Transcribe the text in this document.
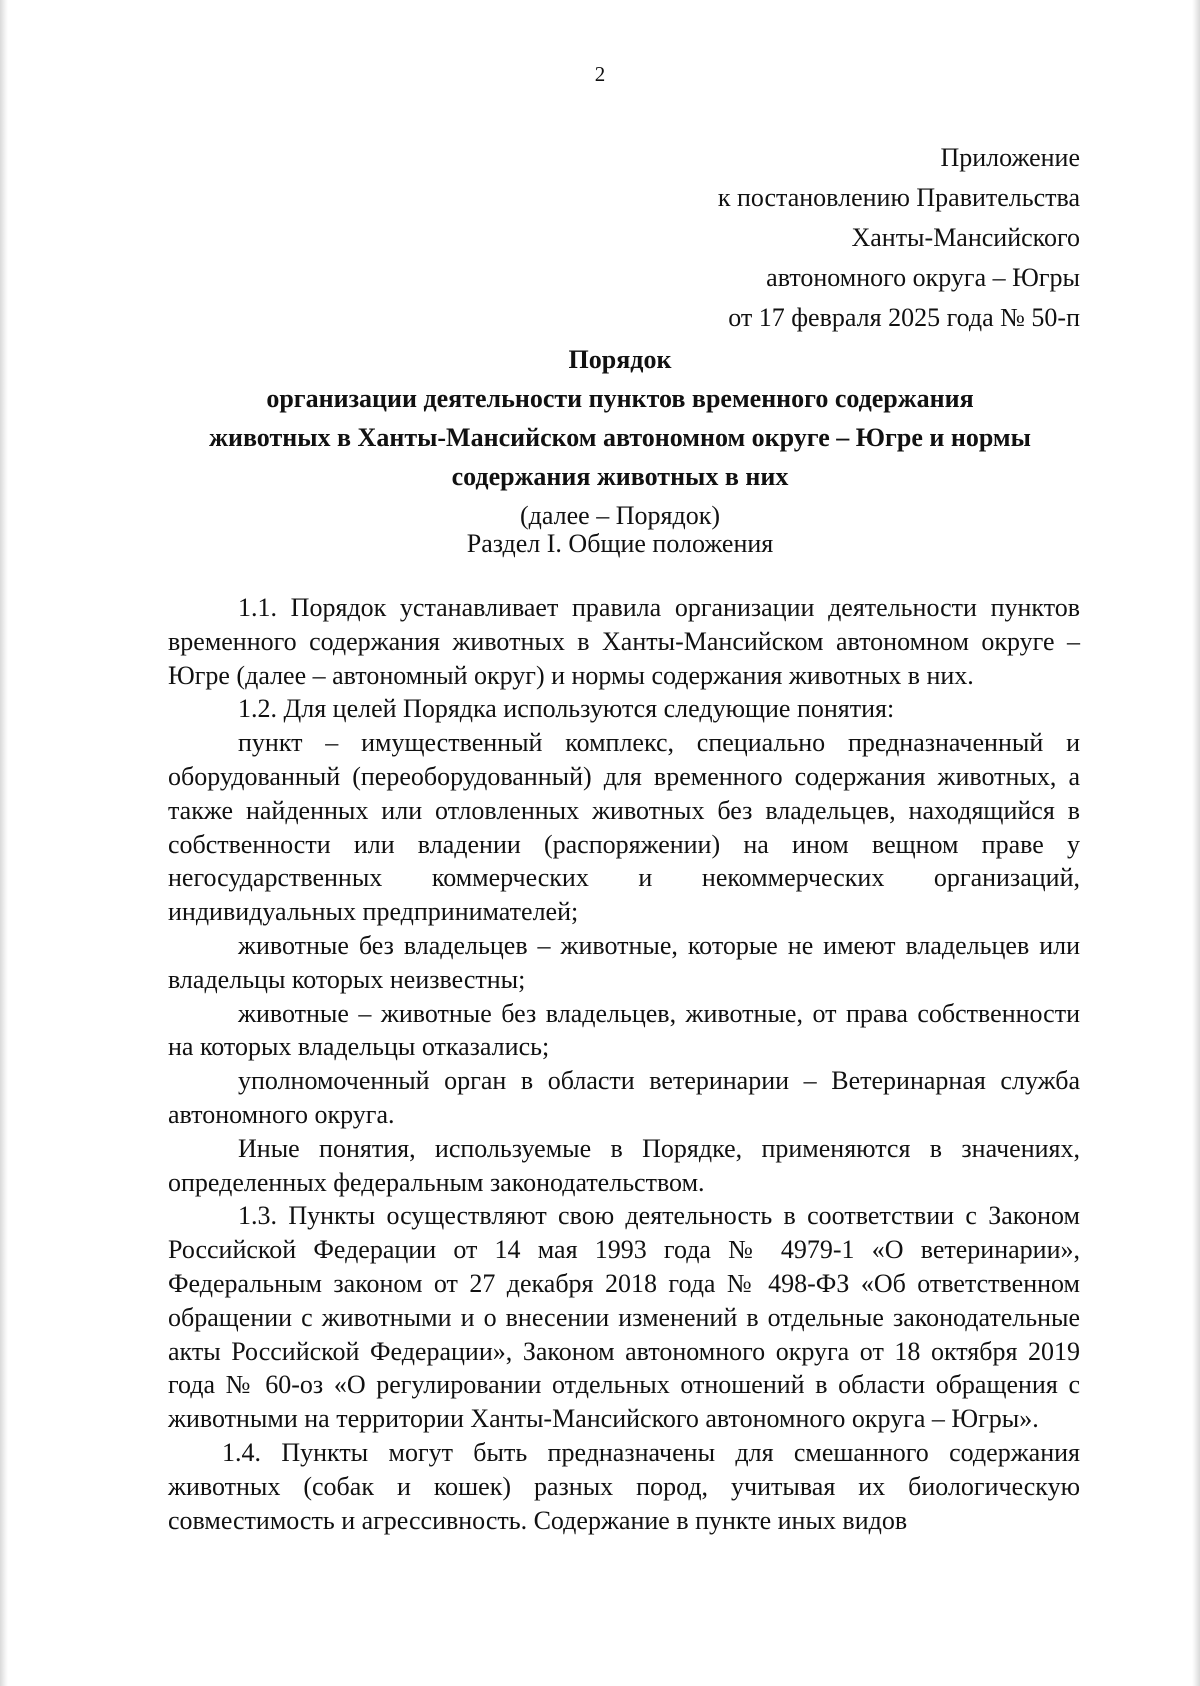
2
Приложение
к постановлению Правительства
Ханты-Мансийского
автономного округа – Югры
от 17 февраля 2025 года № 50-п
Порядок
организации деятельности пунктов временного содержания
животных в Ханты-Мансийском автономном округе – Югре и нормы
содержания животных в них
(далее – Порядок)
Раздел I. Общие положения

1.1. Порядок устанавливает правила организации деятельности пунктов временного содержания животных в Ханты-Мансийском автономном округе – Югре (далее – автономный округ) и нормы содержания животных в них.

1.2. Для целей Порядка используются следующие понятия:

пункт – имущественный комплекс, специально предназначенный и оборудованный (переоборудованный) для временного содержания животных, а также найденных или отловленных животных без владельцев, находящийся в собственности или владении (распоряжении) на ином вещном праве у негосударственных коммерческих и некоммерческих организаций, индивидуальных предпринимателей;

животные без владельцев – животные, которые не имеют владельцев или владельцы которых неизвестны;

животные – животные без владельцев, животные, от права собственности на которых владельцы отказались;

уполномоченный орган в области ветеринарии – Ветеринарная служба автономного округа.

Иные понятия, используемые в Порядке, применяются в значениях, определенных федеральным законодательством.

1.3. Пункты осуществляют свою деятельность в соответствии с Законом Российской Федерации от 14 мая 1993 года № 4979-1 «О ветеринарии», Федеральным законом от 27 декабря 2018 года № 498-ФЗ «Об ответственном обращении с животными и о внесении изменений в отдельные законодательные акты Российской Федерации», Законом автономного округа от 18 октября 2019 года № 60-оз «О регулировании отдельных отношений в области обращения с животными на территории Ханты-Мансийского автономного округа – Югры».

1.4. Пункты могут быть предназначены для смешанного содержания животных (собак и кошек) разных пород, учитывая их биологическую совместимость и агрессивность. Содержание в пункте иных видов
